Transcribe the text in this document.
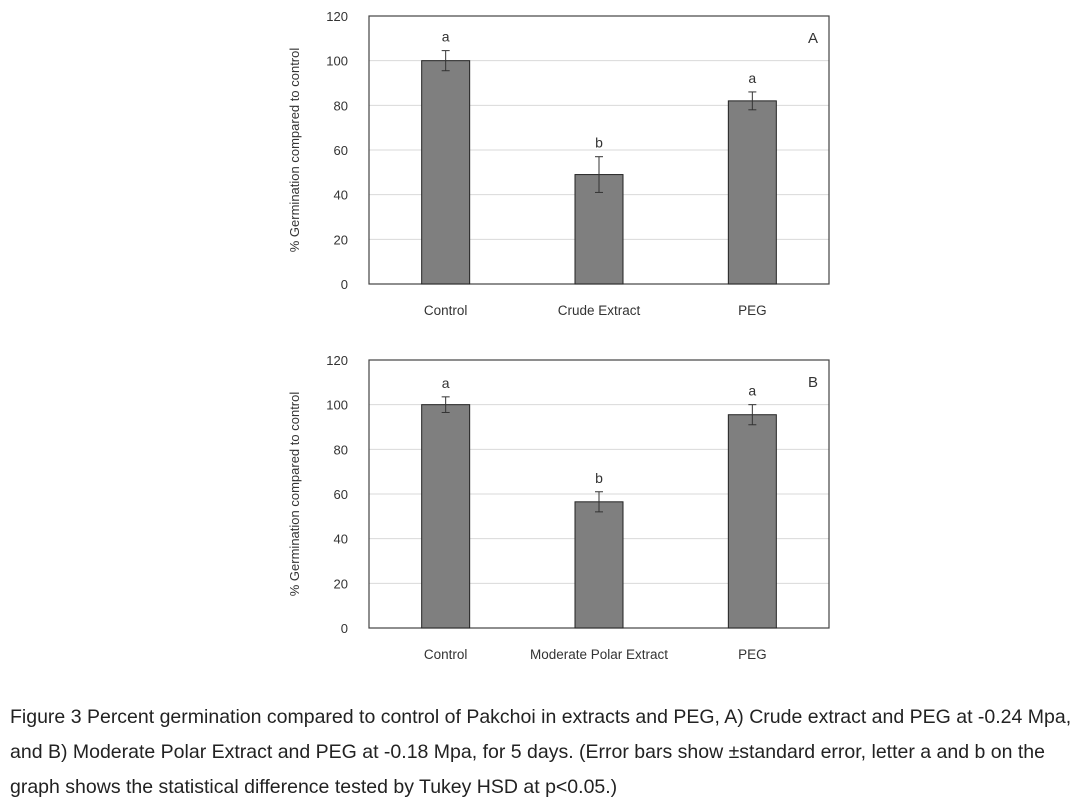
0
20
40
60
80
100
120
% Germination compared to control
A
a
Control
b
Crude Extract
a
PEG
0
20
40
60
80
100
120
% Germination compared to control
B
a
Control
b
Moderate Polar Extract
a
PEG
Figure 3 Percent germination compared to control of Pakchoi in extracts and PEG, A) Crude extract and PEG at -0.24 Mpa, and B) Moderate Polar Extract and PEG at -0.18 Mpa, for 5 days. (Error bars show ±standard error, letter a and b on the graph shows the statistical difference tested by Tukey HSD at p<0.05.)
